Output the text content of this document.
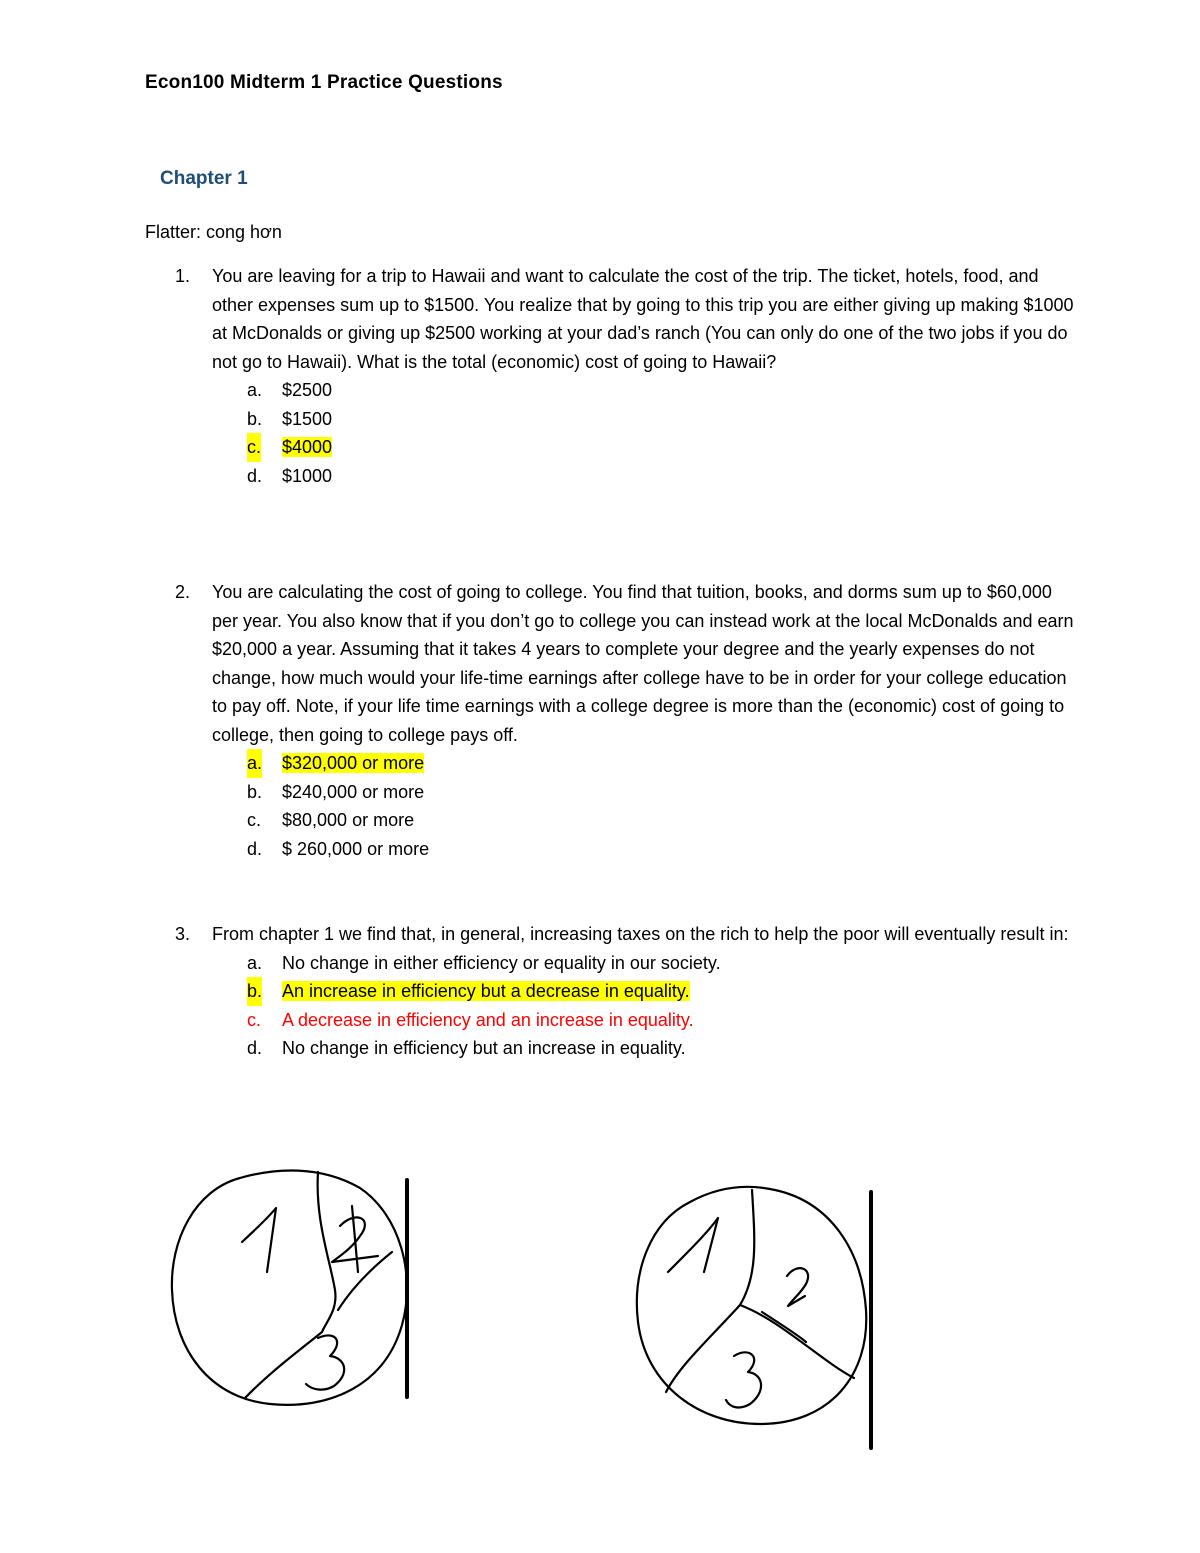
Econ100 Midterm 1 Practice Questions
Chapter 1
Flatter: cong hơn
1. You are leaving for a trip to Hawaii and want to calculate the cost of the trip. The ticket, hotels, food, and other expenses sum up to $1500. You realize that by going to this trip you are either giving up making $1000 at McDonalds or giving up $2500 working at your dad’s ranch (You can only do one of the two jobs if you do not go to Hawaii). What is the total (economic) cost of going to Hawaii?
a. $2500
b. $1500
c. $4000
d. $1000
2. You are calculating the cost of going to college. You find that tuition, books, and dorms sum up to $60,000 per year. You also know that if you don’t go to college you can instead work at the local McDonalds and earn $20,000 a year. Assuming that it takes 4 years to complete your degree and the yearly expenses do not change, how much would your life-time earnings after college have to be in order for your college education to pay off. Note, if your life time earnings with a college degree is more than the (economic) cost of going to college, then going to college pays off.
a. $320,000 or more
b. $240,000 or more
c. $80,000 or more
d. $ 260,000 or more
3. From chapter 1 we find that, in general, increasing taxes on the rich to help the poor will eventually result in:
a. No change in either efficiency or equality in our society.
b. An increase in efficiency but a decrease in equality.
c. A decrease in efficiency and an increase in equality.
d. No change in efficiency but an increase in equality.
